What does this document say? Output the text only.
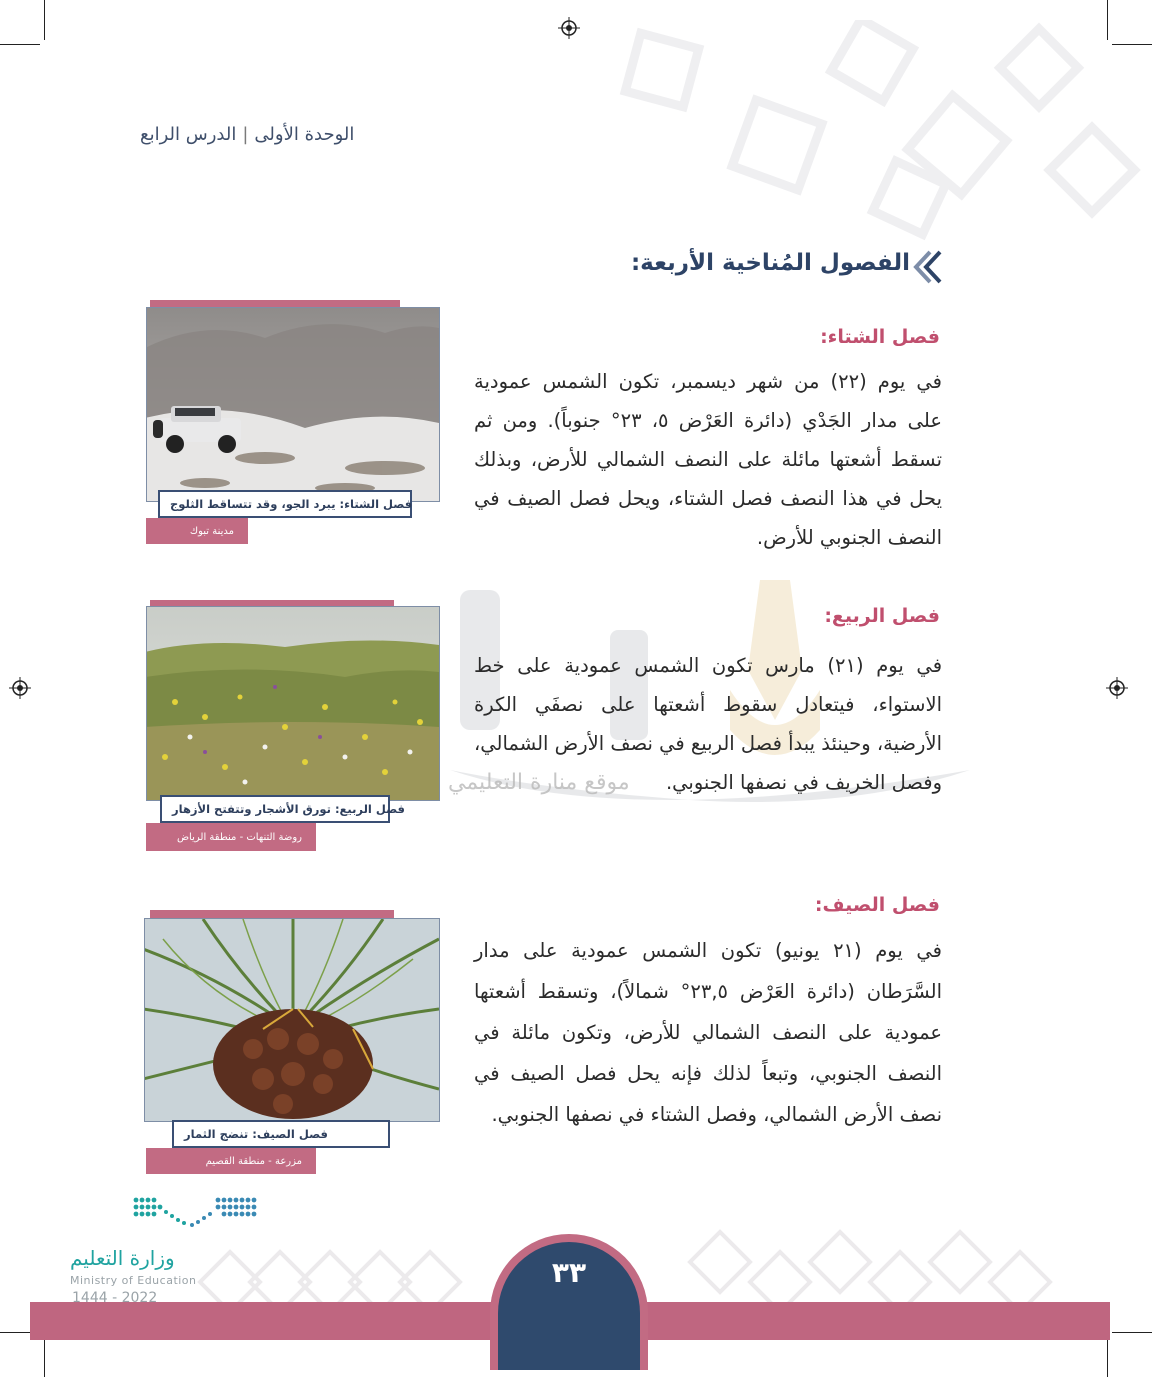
الوحدة الأولى|الدرس الرابع
الفصول المُناخية الأربعة:
موقع منارة التعليمي
فصل الشتاء:
في يوم (٢٢) من شهر ديسمبر، تكون الشمس عمودية على مدار الجَدْي (دائرة العَرْض ٥، ٢٣° جنوباً). ومن ثم تسقط أشعتها مائلة على النصف الشمالي للأرض، وبذلك يحل في هذا النصف فصل الشتاء، ويحل فصل الصيف في النصف الجنوبي للأرض.
فصل الشتاء: يبرد الجو، وقد تتساقط الثلوج
مدينة تبوك
فصل الربيع:
في يوم (٢١) مارس تكون الشمس عمودية على خط الاستواء، فيتعادل سقوط أشعتها على نصفَي الكرة الأرضية، وحينئذ يبدأ فصل الربيع في نصف الأرض الشمالي، وفصل الخريف في نصفها الجنوبي.
فصل الربيع: تورق الأشجار وتتفتح الأزهار
روضة التنهات - منطقة الرياض
فصل الصيف:
في يوم (٢١ يونيو) تكون الشمس عمودية على مدار السَّرَطان (دائرة العَرْض ٢٣,٥° شمالاً)، وتسقط أشعتها عمودية على النصف الشمالي للأرض، وتكون مائلة في النصف الجنوبي، وتبعاً لذلك فإنه يحل فصل الصيف في نصف الأرض الشمالي، وفصل الشتاء في نصفها الجنوبي.
فصل الصيف: تنضج الثمار
مزرعة - منطقة القصيم
٣٣
وزارة التعليم
Ministry of Education
2022 - 1444
